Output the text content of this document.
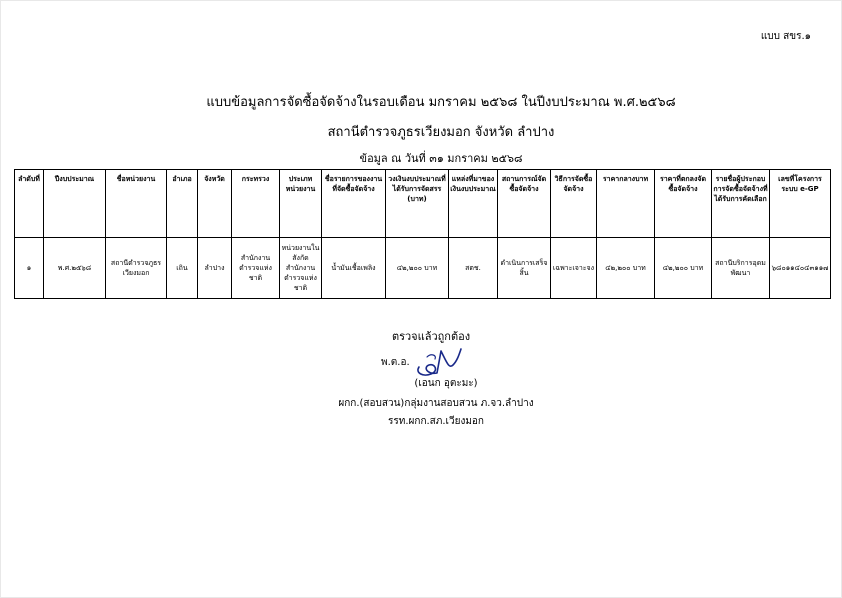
แบบ สขร.๑
แบบข้อมูลการจัดซื้อจัดจ้างในรอบเดือน มกราคม ๒๕๖๘ ในปีงบประมาณ พ.ศ.๒๕๖๘
สถานีตำรวจภูธรเวียงมอก จังหวัด ลำปาง
ข้อมูล ณ วันที่ ๓๑ มกราคม ๒๕๖๘
ลำดับที่	ปีงบประมาณ	ชื่อหน่วยงาน	อำเภอ	จังหวัด	กระทรวง	ประเภทหน่วยงาน	ชื่อรายการของงานที่จัดซื้อจัดจ้าง	วงเงินงบประมาณที่ได้รับการจัดสรร (บาท)	แหล่งที่มาของเงินงบประมาณ	สถานการณ์จัดซื้อจัดจ้าง	วิธีการจัดซื้อจัดจ้าง	ราคากลางบาท	ราคาที่ตกลงจัดซื้อจัดจ้าง	รายชื่อผู้ประกอบการจัดซื้อจัดจ้างที่ได้รับการคัดเลือก	เลขที่โครงการระบบ e-GP
๑	พ.ศ.๒๕๖๘	สถานีตำรวจภูธรเวียงมอก	เถิน	ลำปาง	สำนักงานตำรวจแห่งชาติ	หน่วยงานในสังกัดสำนักงานตำรวจแห่งชาติ	น้ำมันเชื้อเพลิง	๔๒,๒๐๐ บาท	สตช.	ดำเนินการเสร็จสิ้น	เฉพาะเจาะจง	๔๒,๒๐๐ บาท	๔๒,๒๐๐ บาท	สถานีบริการอุดมพัฒนา	๖๘๐๑๑๔๐๔๓๑๑๗
ตรวจแล้วถูกต้อง
พ.ต.อ.
(เอนก อุตะมะ)
ผกก.(สอบสวน)กลุ่มงานสอบสวน ภ.จว.ลำปาง
รรท.ผกก.สภ.เวียงมอก
